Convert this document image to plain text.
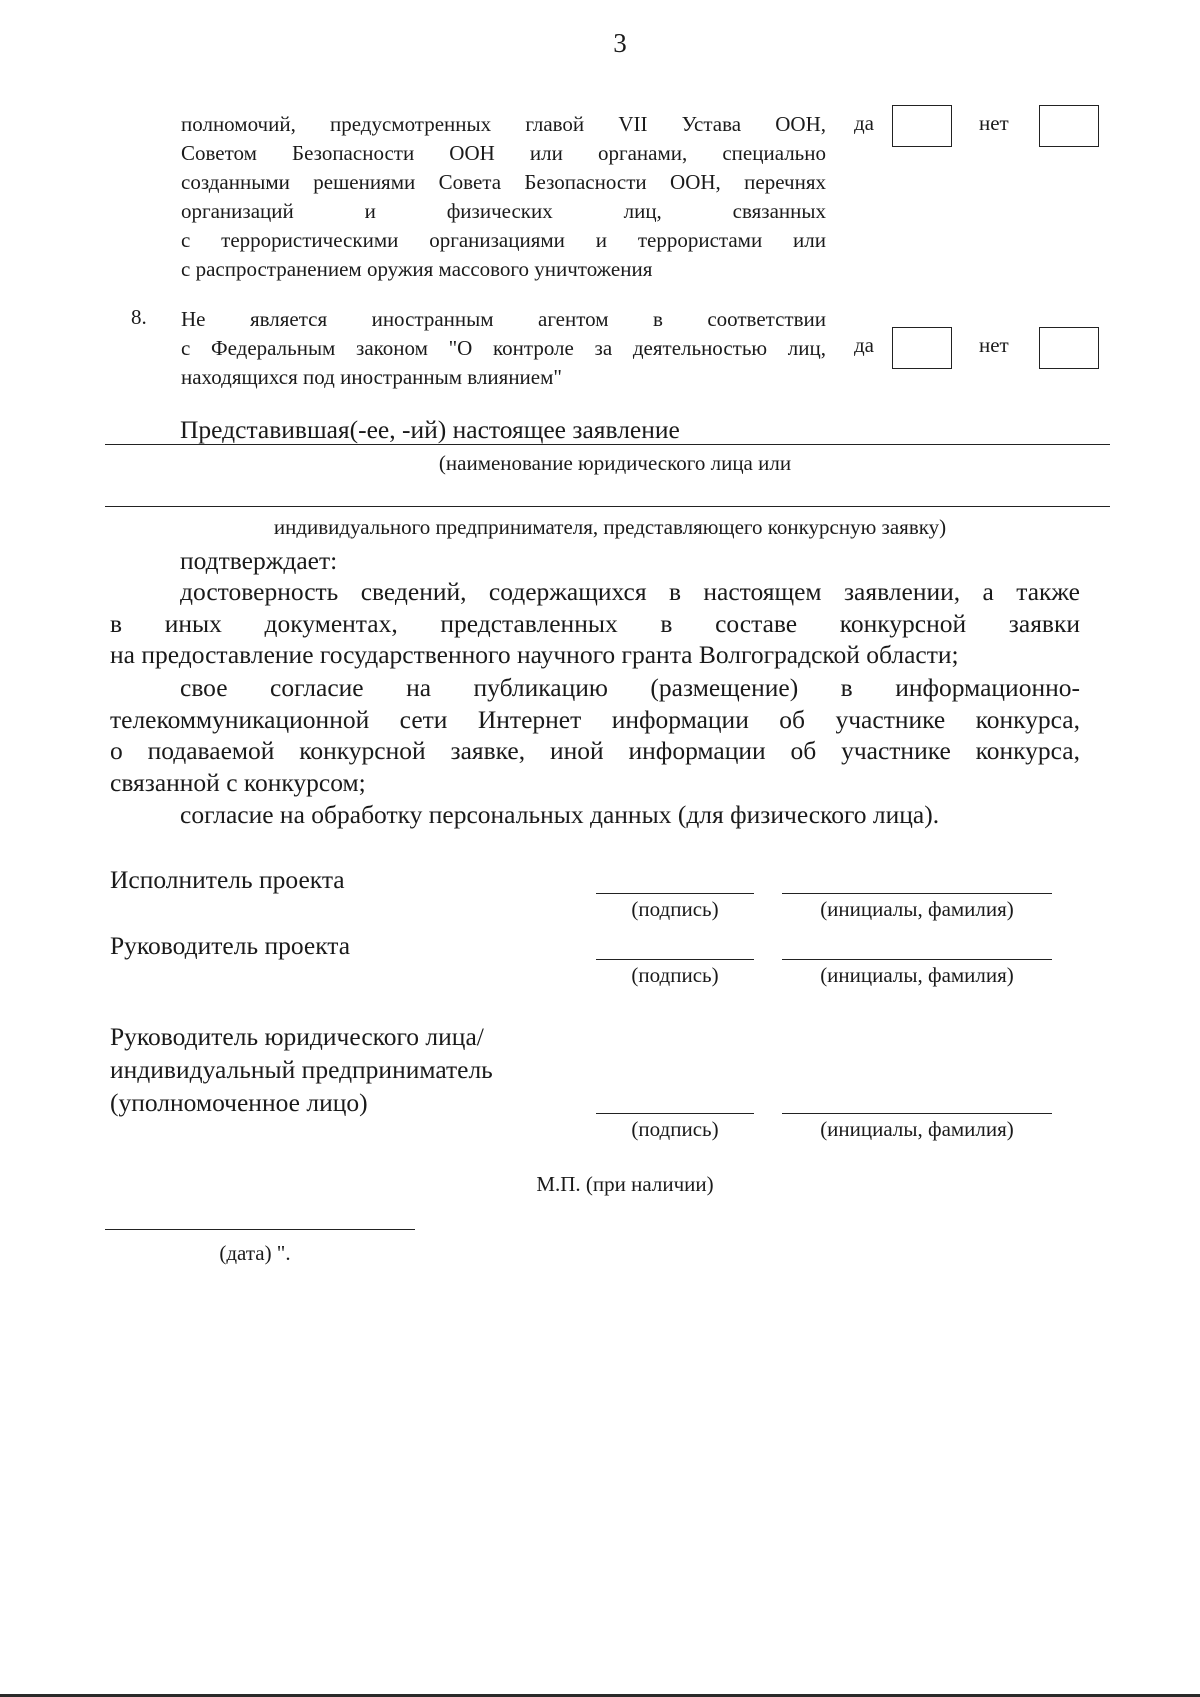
3
полномочий, предусмотренных главой VII Устава ООН,
Советом Безопасности ООН или органами, специально
созданными решениями Совета Безопасности ООН, перечнях
организаций и физических лиц, связанных
с террористическими организациями и террористами или
с распространением оружия массового уничтожения
да	нет
8. Не является иностранным агентом в соответствии
с Федеральным законом "О контроле за деятельностью лиц,
находящихся под иностранным влиянием"
да	нет
Представившая(-ее, -ий) настоящее заявление
(наименование юридического лица или
индивидуального предпринимателя, представляющего конкурсную заявку)
подтверждает:
достоверность сведений, содержащихся в настоящем заявлении, а также
в иных документах, представленных в составе конкурсной заявки
на предоставление государственного научного гранта Волгоградской области;
свое согласие на публикацию (размещение) в информационно-
телекоммуникационной сети Интернет информации об участнике конкурса,
о подаваемой конкурсной заявке, иной информации об участнике конкурса,
связанной с конкурсом;
согласие на обработку персональных данных (для физического лица).
Исполнитель проекта
(подпись)	(инициалы, фамилия)
Руководитель проекта
(подпись)	(инициалы, фамилия)
Руководитель юридического лица/
индивидуальный предприниматель
(уполномоченное лицо)
(подпись)	(инициалы, фамилия)
М.П. (при наличии)
(дата) ".
